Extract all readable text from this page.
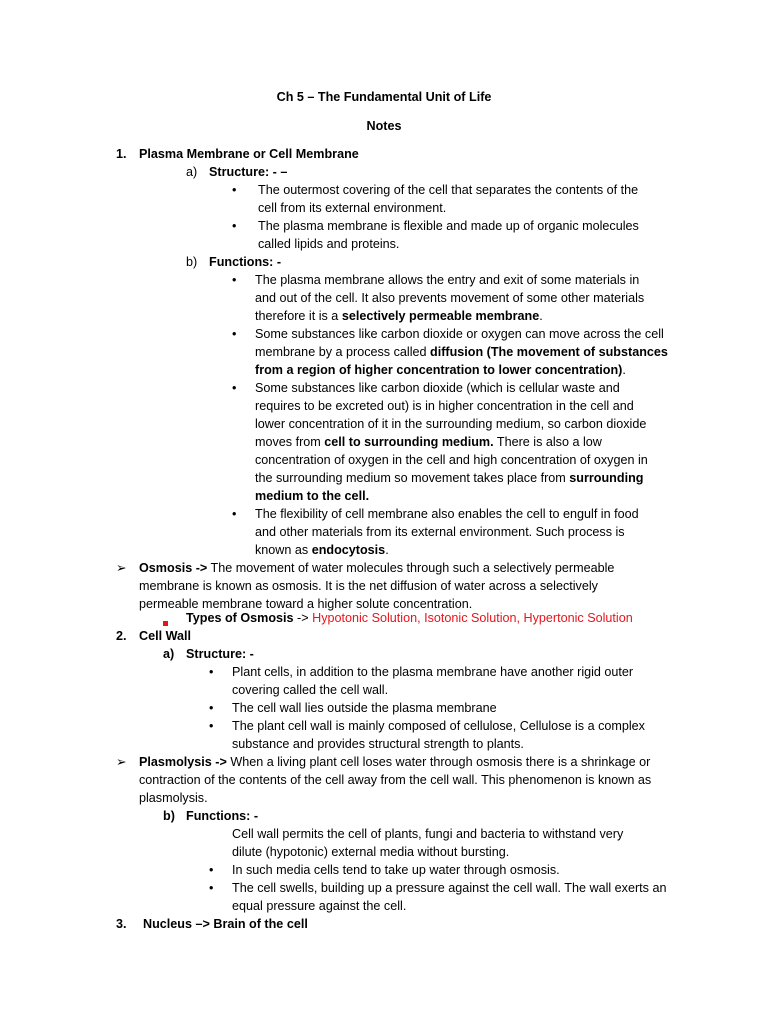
Ch 5 – The Fundamental Unit of Life
Notes
1. Plasma Membrane or Cell Membrane
a) Structure: - –
• The outermost covering of the cell that separates the contents of the
cell from its external environment.
• The plasma membrane is flexible and made up of organic molecules
called lipids and proteins.
b) Functions: -
• The plasma membrane allows the entry and exit of some materials in
and out of the cell. It also prevents movement of some other materials
therefore it is a selectively permeable membrane.
• Some substances like carbon dioxide or oxygen can move across the cell
membrane by a process called diffusion (The movement of substances
from a region of higher concentration to lower concentration).
• Some substances like carbon dioxide (which is cellular waste and
requires to be excreted out) is in higher concentration in the cell and
lower concentration of it in the surrounding medium, so carbon dioxide
moves from cell to surrounding medium. There is also a low
concentration of oxygen in the cell and high concentration of oxygen in
the surrounding medium so movement takes place from surrounding
medium to the cell.
• The flexibility of cell membrane also enables the cell to engulf in food
and other materials from its external environment. Such process is
known as endocytosis.
➢ Osmosis -> The movement of water molecules through such a selectively permeable
membrane is known as osmosis. It is the net diffusion of water across a selectively
permeable membrane toward a higher solute concentration.
Types of Osmosis -> Hypotonic Solution, Isotonic Solution, Hypertonic Solution
2. Cell Wall
a) Structure: -
• Plant cells, in addition to the plasma membrane have another rigid outer
covering called the cell wall.
• The cell wall lies outside the plasma membrane
• The plant cell wall is mainly composed of cellulose, Cellulose is a complex
substance and provides structural strength to plants.
➢ Plasmolysis -> When a living plant cell loses water through osmosis there is a shrinkage or
contraction of the contents of the cell away from the cell wall. This phenomenon is known as
plasmolysis.
b) Functions: -
Cell wall permits the cell of plants, fungi and bacteria to withstand very
dilute (hypotonic) external media without bursting.
• In such media cells tend to take up water through osmosis.
• The cell swells, building up a pressure against the cell wall. The wall exerts an
equal pressure against the cell.
3. Nucleus –> Brain of the cell
